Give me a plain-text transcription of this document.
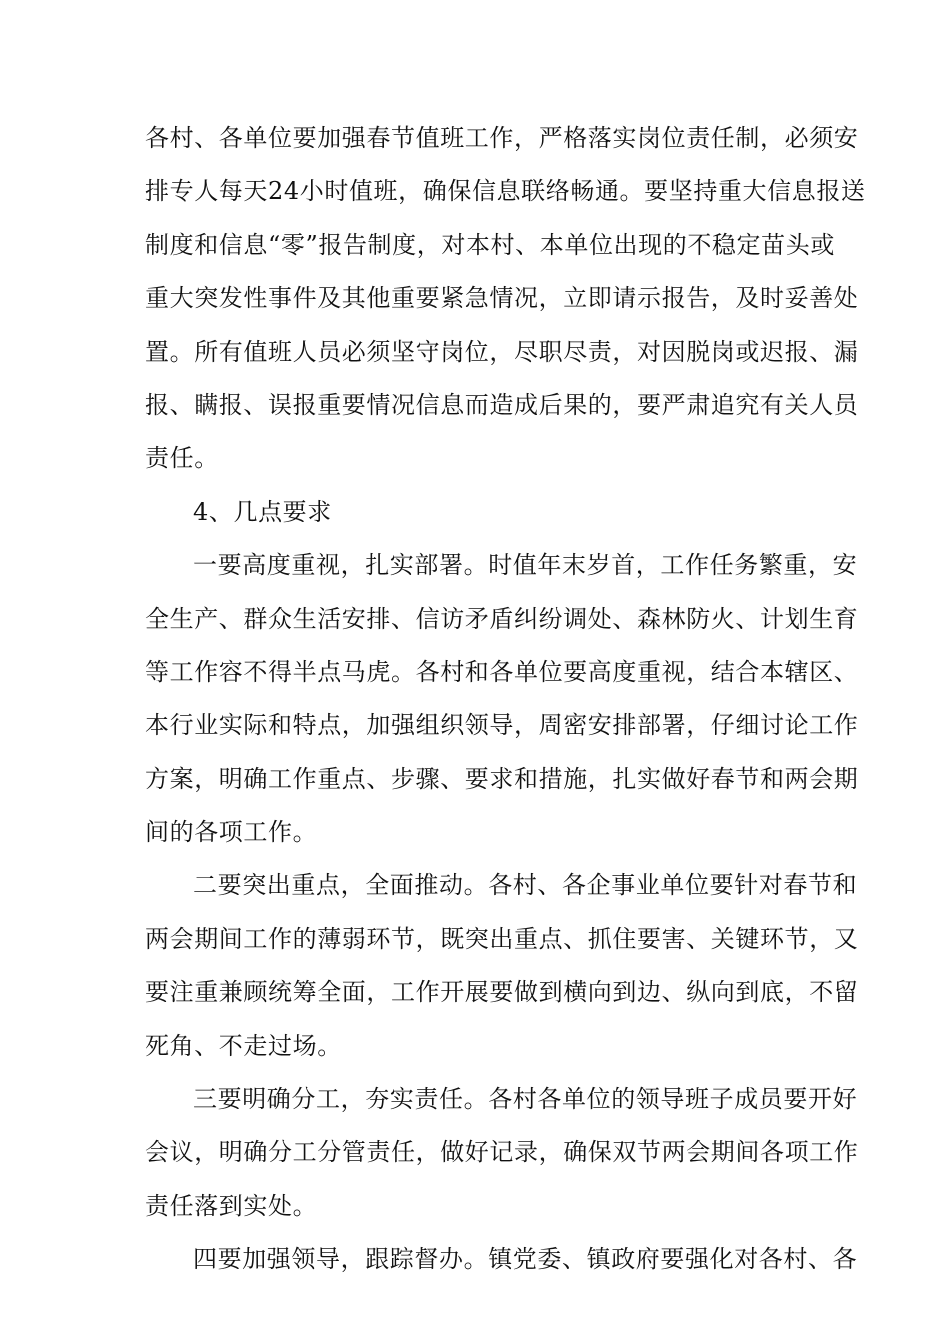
各村、各单位要加强春节值班工作，严格落实岗位责任制，必须安
排专人每天24小时值班，确保信息联络畅通。要坚持重大信息报送
制度和信息“零”报告制度，对本村、本单位出现的不稳定苗头或
重大突发性事件及其他重要紧急情况，立即请示报告，及时妥善处
置。所有值班人员必须坚守岗位，尽职尽责，对因脱岗或迟报、漏
报、瞒报、误报重要情况信息而造成后果的，要严肃追究有关人员
责任。
4、几点要求
一要高度重视，扎实部署。时值年末岁首，工作任务繁重，安
全生产、群众生活安排、信访矛盾纠纷调处、森林防火、计划生育
等工作容不得半点马虎。各村和各单位要高度重视，结合本辖区、
本行业实际和特点，加强组织领导，周密安排部署，仔细讨论工作
方案，明确工作重点、步骤、要求和措施，扎实做好春节和两会期
间的各项工作。
二要突出重点，全面推动。各村、各企事业单位要针对春节和
两会期间工作的薄弱环节，既突出重点、抓住要害、关键环节，又
要注重兼顾统筹全面，工作开展要做到横向到边、纵向到底，不留
死角、不走过场。
三要明确分工，夯实责任。各村各单位的领导班子成员要开好
会议，明确分工分管责任，做好记录，确保双节两会期间各项工作
责任落到实处。
四要加强领导，跟踪督办。镇党委、镇政府要强化对各村、各
